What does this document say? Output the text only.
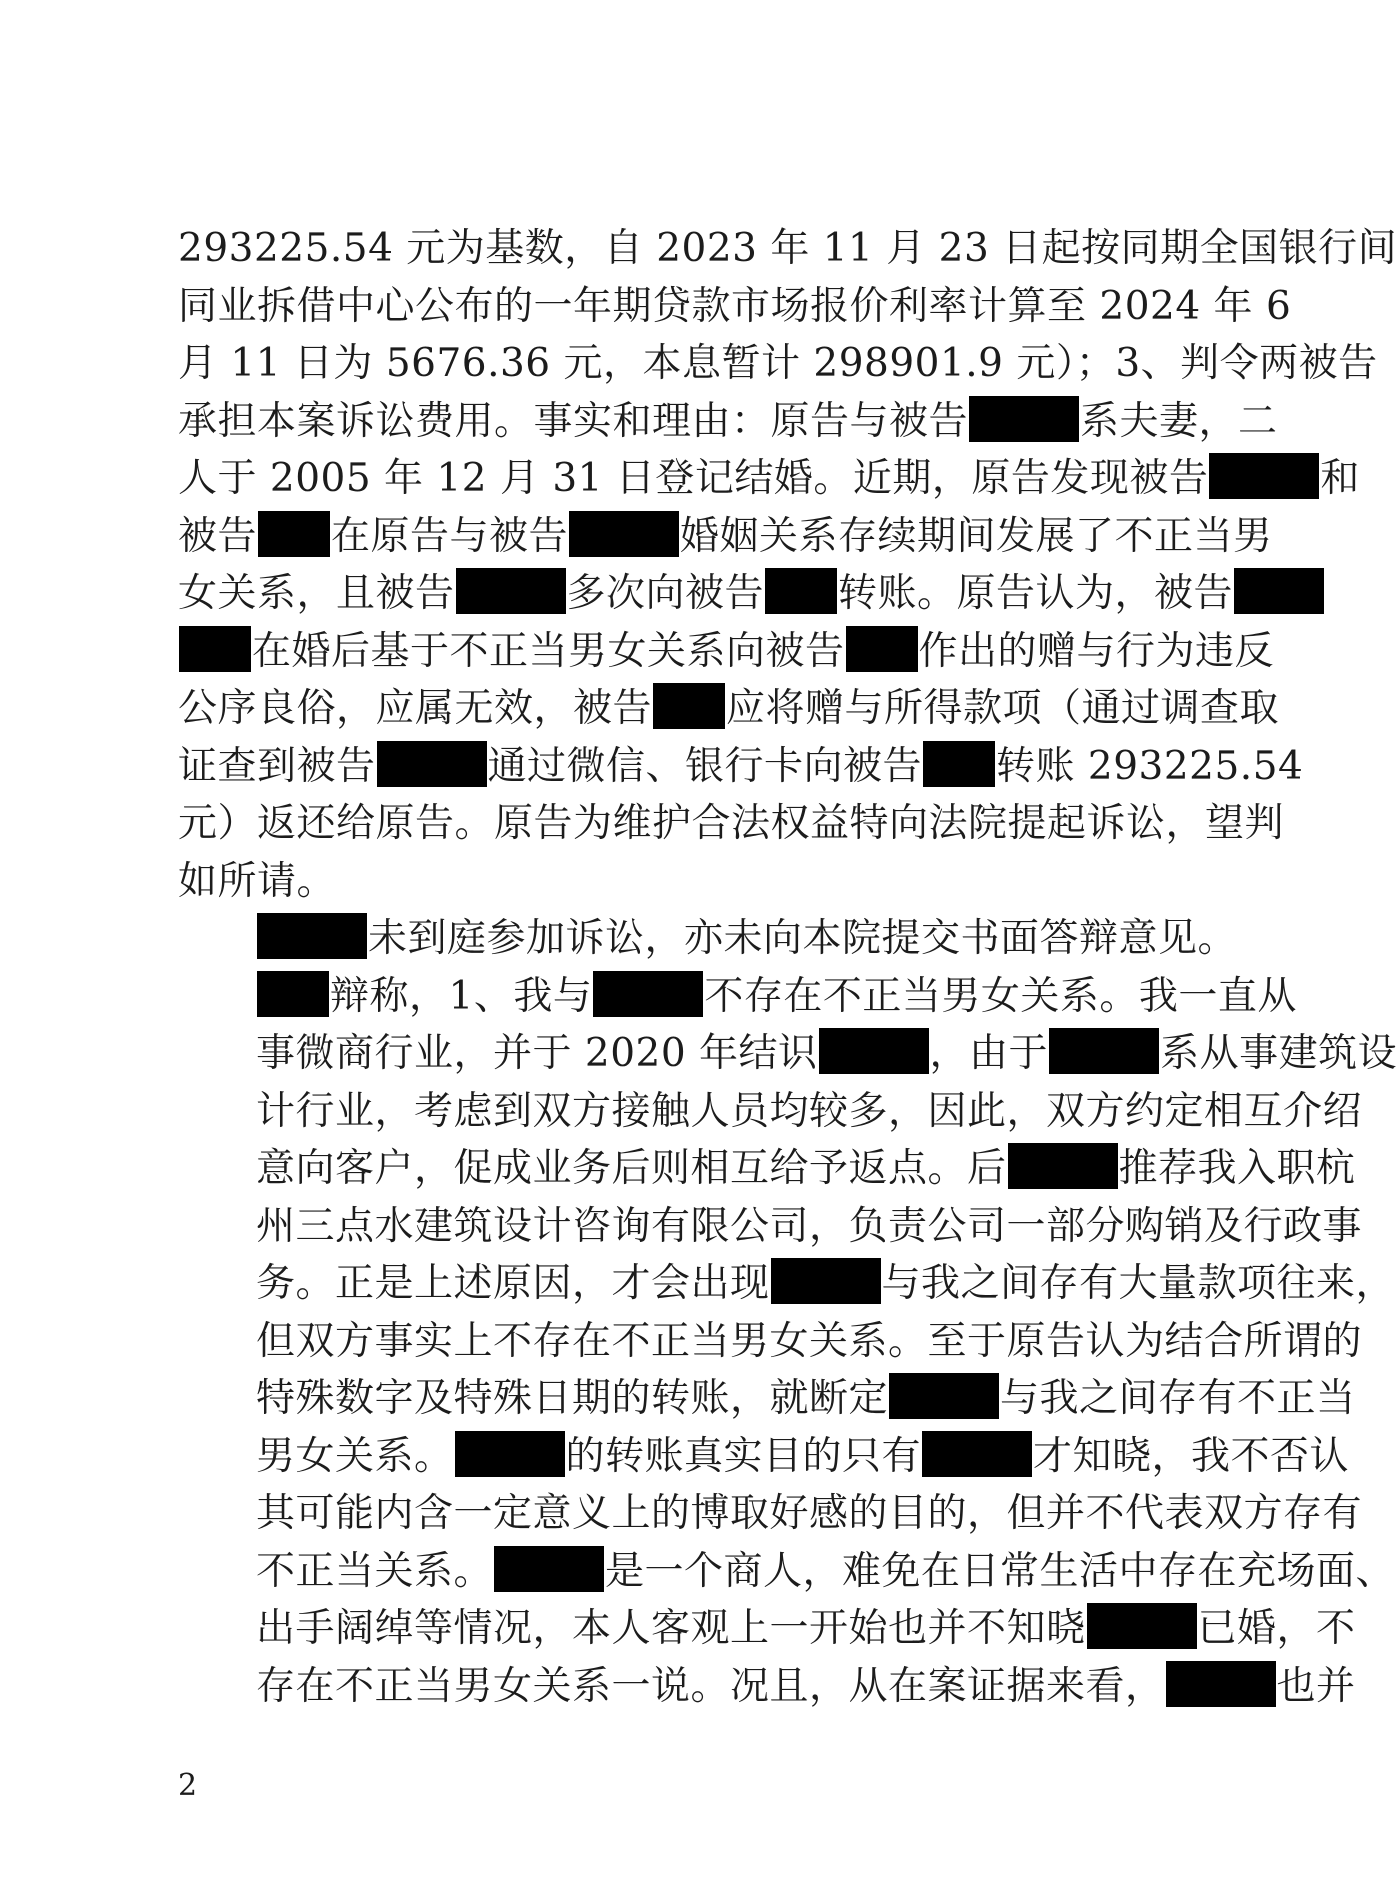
293225.54 元为基数，自 2023 年 11 月 23 日起按同期全国银行间
同业拆借中心公布的一年期贷款市场报价利率计算至 2024 年 6
月 11 日为 5676.36 元，本息暂计 298901.9 元）；3、判令两被告
承担本案诉讼费用。事实和理由：原告与被告	系夫妻，二
人于 2005 年 12 月 31 日登记结婚。近期，原告发现被告	和
被告 在原告与被告	婚姻关系存续期间发展了不正当男
女关系，且被告	多次向被告 转账。原告认为，被告
在婚后基于不正当男女关系向被告 作出的赠与行为违反
公序良俗，应属无效，被告 应将赠与所得款项（通过调查取
证查到被告	通过微信、银行卡向被告 转账 293225.54
元）返还给原告。原告为维护合法权益特向法院提起诉讼，望判
如所请。
未到庭参加诉讼，亦未向本院提交书面答辩意见。
辩称，1、我与	不存在不正当男女关系。我一直从
事微商行业，并于 2020 年结识	，由于	系从事建筑设
计行业，考虑到双方接触人员均较多，因此，双方约定相互介绍
意向客户，促成业务后则相互给予返点。后	推荐我入职杭
州三点水建筑设计咨询有限公司，负责公司一部分购销及行政事
务。正是上述原因，才会出现	与我之间存有大量款项往来，
但双方事实上不存在不正当男女关系。至于原告认为结合所谓的
特殊数字及特殊日期的转账，就断定	与我之间存有不正当
男女关系。	的转账真实目的只有	才知晓，我不否认
其可能内含一定意义上的博取好感的目的，但并不代表双方存有
不正当关系。	是一个商人，难免在日常生活中存在充场面、
出手阔绰等情况，本人客观上一开始也并不知晓	已婚，不
存在不正当男女关系一说。况且，从在案证据来看，	也并
2
